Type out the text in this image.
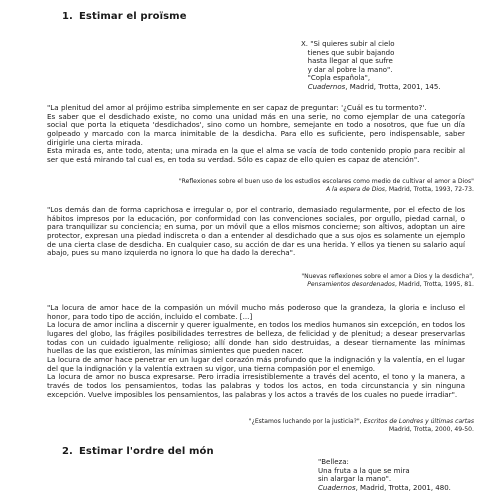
1. Estimar el proïsme
X. "Si quieres subir al cielo
tienes que subir bajando
hasta llegar al que sufre
y dar al pobre la mano".
"Copla española",
Cuadernos, Madrid, Trotta, 2001, 145.

"La plenitud del amor al prójimo estriba simplemente en ser capaz de preguntar: '¿Cuál es tu tormento?'.

Es saber que el desdichado existe, no como una unidad más en una serie, no como ejemplar de una categoría social que porta la etiqueta 'desdichados', sino como un hombre, semejante en todo a nosotros, que fue un día golpeado y marcado con la marca inimitable de la desdicha. Para ello es suficiente, pero indispensable, saber dirigirle una cierta mirada.

Esta mirada es, ante todo, atenta; una mirada en la que el alma se vacía de todo contenido propio para recibir al ser que está mirando tal cual es, en toda su verdad. Sólo es capaz de ello quien es capaz de atención".

"Reflexiones sobre el buen uso de los estudios escolares como medio de cultivar el amor a Dios"
A la espera de Dios, Madrid, Trotta, 1993, 72-73.

"Los demás dan de forma caprichosa e irregular o, por el contrario, demasiado regularmente, por el efecto de los hábitos impresos por la educación, por conformidad con las convenciones sociales, por orgullo, piedad carnal, o para tranquilizar su conciencia; en suma, por un móvil que a ellos mismos concierne; son altivos, adoptan un aire protector, expresan una piedad indiscreta o dan a entender al desdichado que a sus ojos es solamente un ejemplo de una cierta clase de desdicha. En cualquier caso, su acción de dar es una herida. Y ellos ya tienen su salario aquí abajo, pues su mano izquierda no ignora lo que ha dado la derecha".

"Nuevas reflexiones sobre el amor a Dios y la desdicha",
Pensamientos desordenados, Madrid, Trotta, 1995, 81.

"La locura de amor hace de la compasión un móvil mucho más poderoso que la grandeza, la gloria e incluso el honor, para todo tipo de acción, incluido el combate. [...]

La locura de amor inclina a discernir y querer igualmente, en todos los medios humanos sin excepción, en todos los lugares del globo, las frágiles posibilidades terrestres de belleza, de felicidad y de plenitud; a desear preservarlas todas con un cuidado igualmente religioso; allí donde han sido destruidas, a desear tiernamente las mínimas huellas de las que existieron, las mínimas simientes que pueden nacer.

La locura de amor hace penetrar en un lugar del corazón más profundo que la indignación y la valentía, en el lugar del que la indignación y la valentía extraen su vigor, una tierna compasión por el enemigo.

La locura de amor no busca expresarse. Pero irradia irresistiblemente a través del acento, el tono y la manera, a través de todos los pensamientos, todas las palabras y todos los actos, en toda circunstancia y sin ninguna excepción. Vuelve imposibles los pensamientos, las palabras y los actos a través de los cuales no puede irradiar".

"¿Estamos luchando por la justicia?", Escritos de Londres y últimas cartas
Madrid, Trotta, 2000, 49-50.
2. Estimar l'ordre del món
"Belleza:
Una fruta a la que se mira
sin alargar la mano".
Cuadernos, Madrid, Trotta, 2001, 480.
